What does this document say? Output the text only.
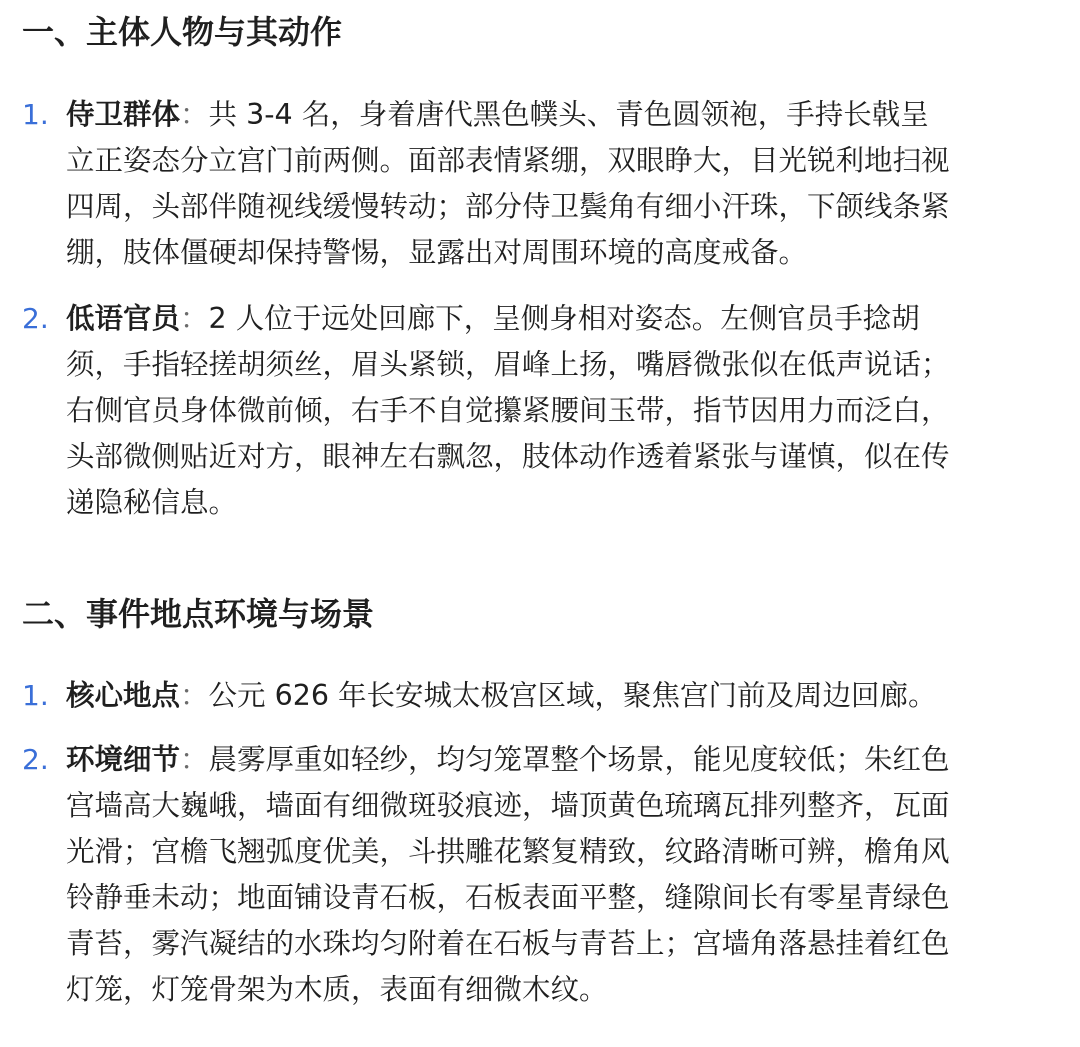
一、主体人物与其动作
1. 侍卫群体：共 3-4 名，身着唐代黑色幞头、青色圆领袍，手持长戟呈
立正姿态分立宫门前两侧。面部表情紧绷，双眼睁大，目光锐利地扫视
四周，头部伴随视线缓慢转动；部分侍卫鬓角有细小汗珠，下颌线条紧
绷，肢体僵硬却保持警惕，显露出对周围环境的高度戒备。
2. 低语官员：2 人位于远处回廊下，呈侧身相对姿态。左侧官员手捻胡
须，手指轻搓胡须丝，眉头紧锁，眉峰上扬，嘴唇微张似在低声说话；
右侧官员身体微前倾，右手不自觉攥紧腰间玉带，指节因用力而泛白，
头部微侧贴近对方，眼神左右飘忽，肢体动作透着紧张与谨慎，似在传
递隐秘信息。
二、事件地点环境与场景
1. 核心地点：公元 626 年长安城太极宫区域，聚焦宫门前及周边回廊。
2. 环境细节：晨雾厚重如轻纱，均匀笼罩整个场景，能见度较低；朱红色
宫墙高大巍峨，墙面有细微斑驳痕迹，墙顶黄色琉璃瓦排列整齐，瓦面
光滑；宫檐飞翘弧度优美，斗拱雕花繁复精致，纹路清晰可辨，檐角风
铃静垂未动；地面铺设青石板，石板表面平整，缝隙间长有零星青绿色
青苔，雾汽凝结的水珠均匀附着在石板与青苔上；宫墙角落悬挂着红色
灯笼，灯笼骨架为木质，表面有细微木纹。
